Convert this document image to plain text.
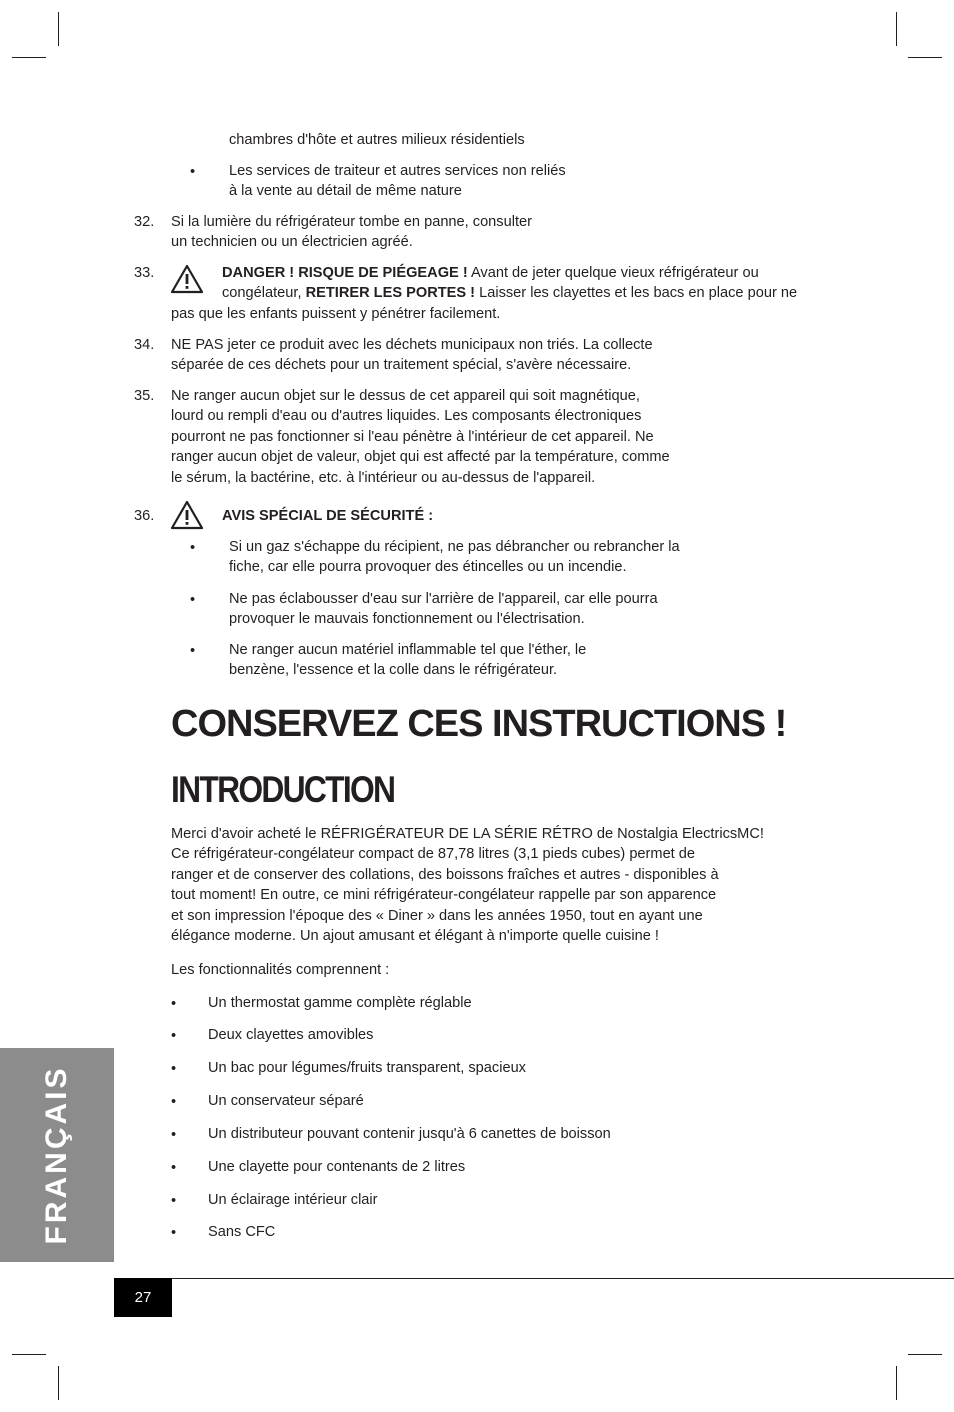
chambres d'hôte et autres milieux résidentiels
• Les services de traiteur et autres services non reliés
à la vente au détail de même nature
32. Si la lumière du réfrigérateur tombe en panne, consulter
un technicien ou un électricien agréé.
33.	DANGER ! RISQUE DE PIÉGEAGE ! Avant de jeter quelque vieux réfrigérateur ou
congélateur, RETIRER LES PORTES ! Laisser les clayettes et les bacs en place pour ne
pas que les enfants puissent y pénétrer facilement.
34. NE PAS jeter ce produit avec les déchets municipaux non triés. La collecte
séparée de ces déchets pour un traitement spécial, s'avère nécessaire.
35. Ne ranger aucun objet sur le dessus de cet appareil qui soit magnétique,
lourd ou rempli d'eau ou d'autres liquides. Les composants électroniques
pourront ne pas fonctionner si l'eau pénètre à l'intérieur de cet appareil. Ne
ranger aucun objet de valeur, objet qui est affecté par la température, comme
le sérum, la bactérine, etc. à l'intérieur ou au-dessus de l'appareil.
36.	AVIS SPÉCIAL DE SÉCURITÉ :
• Si un gaz s'échappe du récipient, ne pas débrancher ou rebrancher la
fiche, car elle pourra provoquer des étincelles ou un incendie.
• Ne pas éclabousser d'eau sur l'arrière de l'appareil, car elle pourra
provoquer le mauvais fonctionnement ou l'électrisation.
• Ne ranger aucun matériel inflammable tel que l'éther, le
benzène, l'essence et la colle dans le réfrigérateur.
CONSERVEZ CES INSTRUCTIONS !
INTRODUCTION
Merci d'avoir acheté le RÉFRIGÉRATEUR DE LA SÉRIE RÉTRO de Nostalgia ElectricsMC!
Ce réfrigérateur-congélateur compact de 87,78 litres (3,1 pieds cubes) permet de
ranger et de conserver des collations, des boissons fraîches et autres - disponibles à
tout moment! En outre, ce mini réfrigérateur-congélateur rappelle par son apparence
et son impression l'époque des « Diner » dans les années 1950, tout en ayant une
élégance moderne. Un ajout amusant et élégant à n'importe quelle cuisine !
Les fonctionnalités comprennent :
• Un thermostat gamme complète réglable
• Deux clayettes amovibles
• Un bac pour légumes/fruits transparent, spacieux
• Un conservateur séparé
• Un distributeur pouvant contenir jusqu'à 6 canettes de boisson
• Une clayette pour contenants de 2 litres
• Un éclairage intérieur clair
• Sans CFC
FRANÇAIS
27
